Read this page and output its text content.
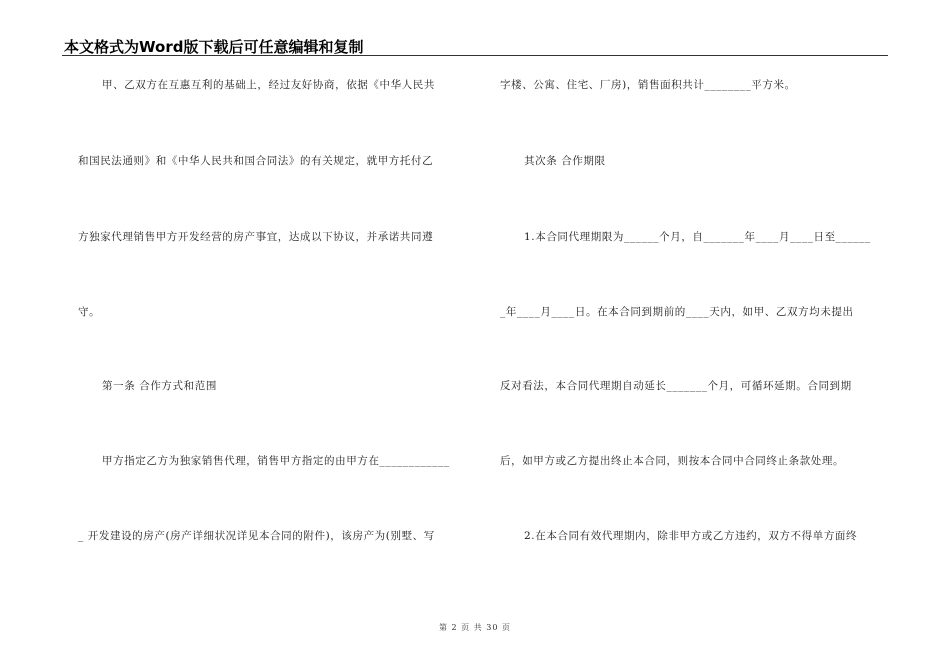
本文格式为Word版下载后可任意编辑和复制
甲、乙双方在互惠互利的基础上，经过友好协商，依据《中华人民共
和国民法通则》和《中华人民共和国合同法》的有关规定，就甲方托付乙
方独家代理销售甲方开发经营的房产事宜，达成以下协议，并承诺共同遵
守。
第一条 合作方式和范围
甲方指定乙方为独家销售代理，销售甲方指定的由甲方在____________
_ 开发建设的房产(房产详细状况详见本合同的附件)，该房产为(别墅、写
字楼、公寓、住宅、厂房)，销售面积共计________平方米。
其次条 合作期限
1.本合同代理期限为______个月，自_______年____月____日至______
_年____月____日。在本合同到期前的____天内，如甲、乙双方均未提出
反对看法，本合同代理期自动延长_______个月，可循环延期。合同到期
后，如甲方或乙方提出终止本合同，则按本合同中合同终止条款处理。
2.在本合同有效代理期内，除非甲方或乙方违约，双方不得单方面终
第 2 页 共 30 页
